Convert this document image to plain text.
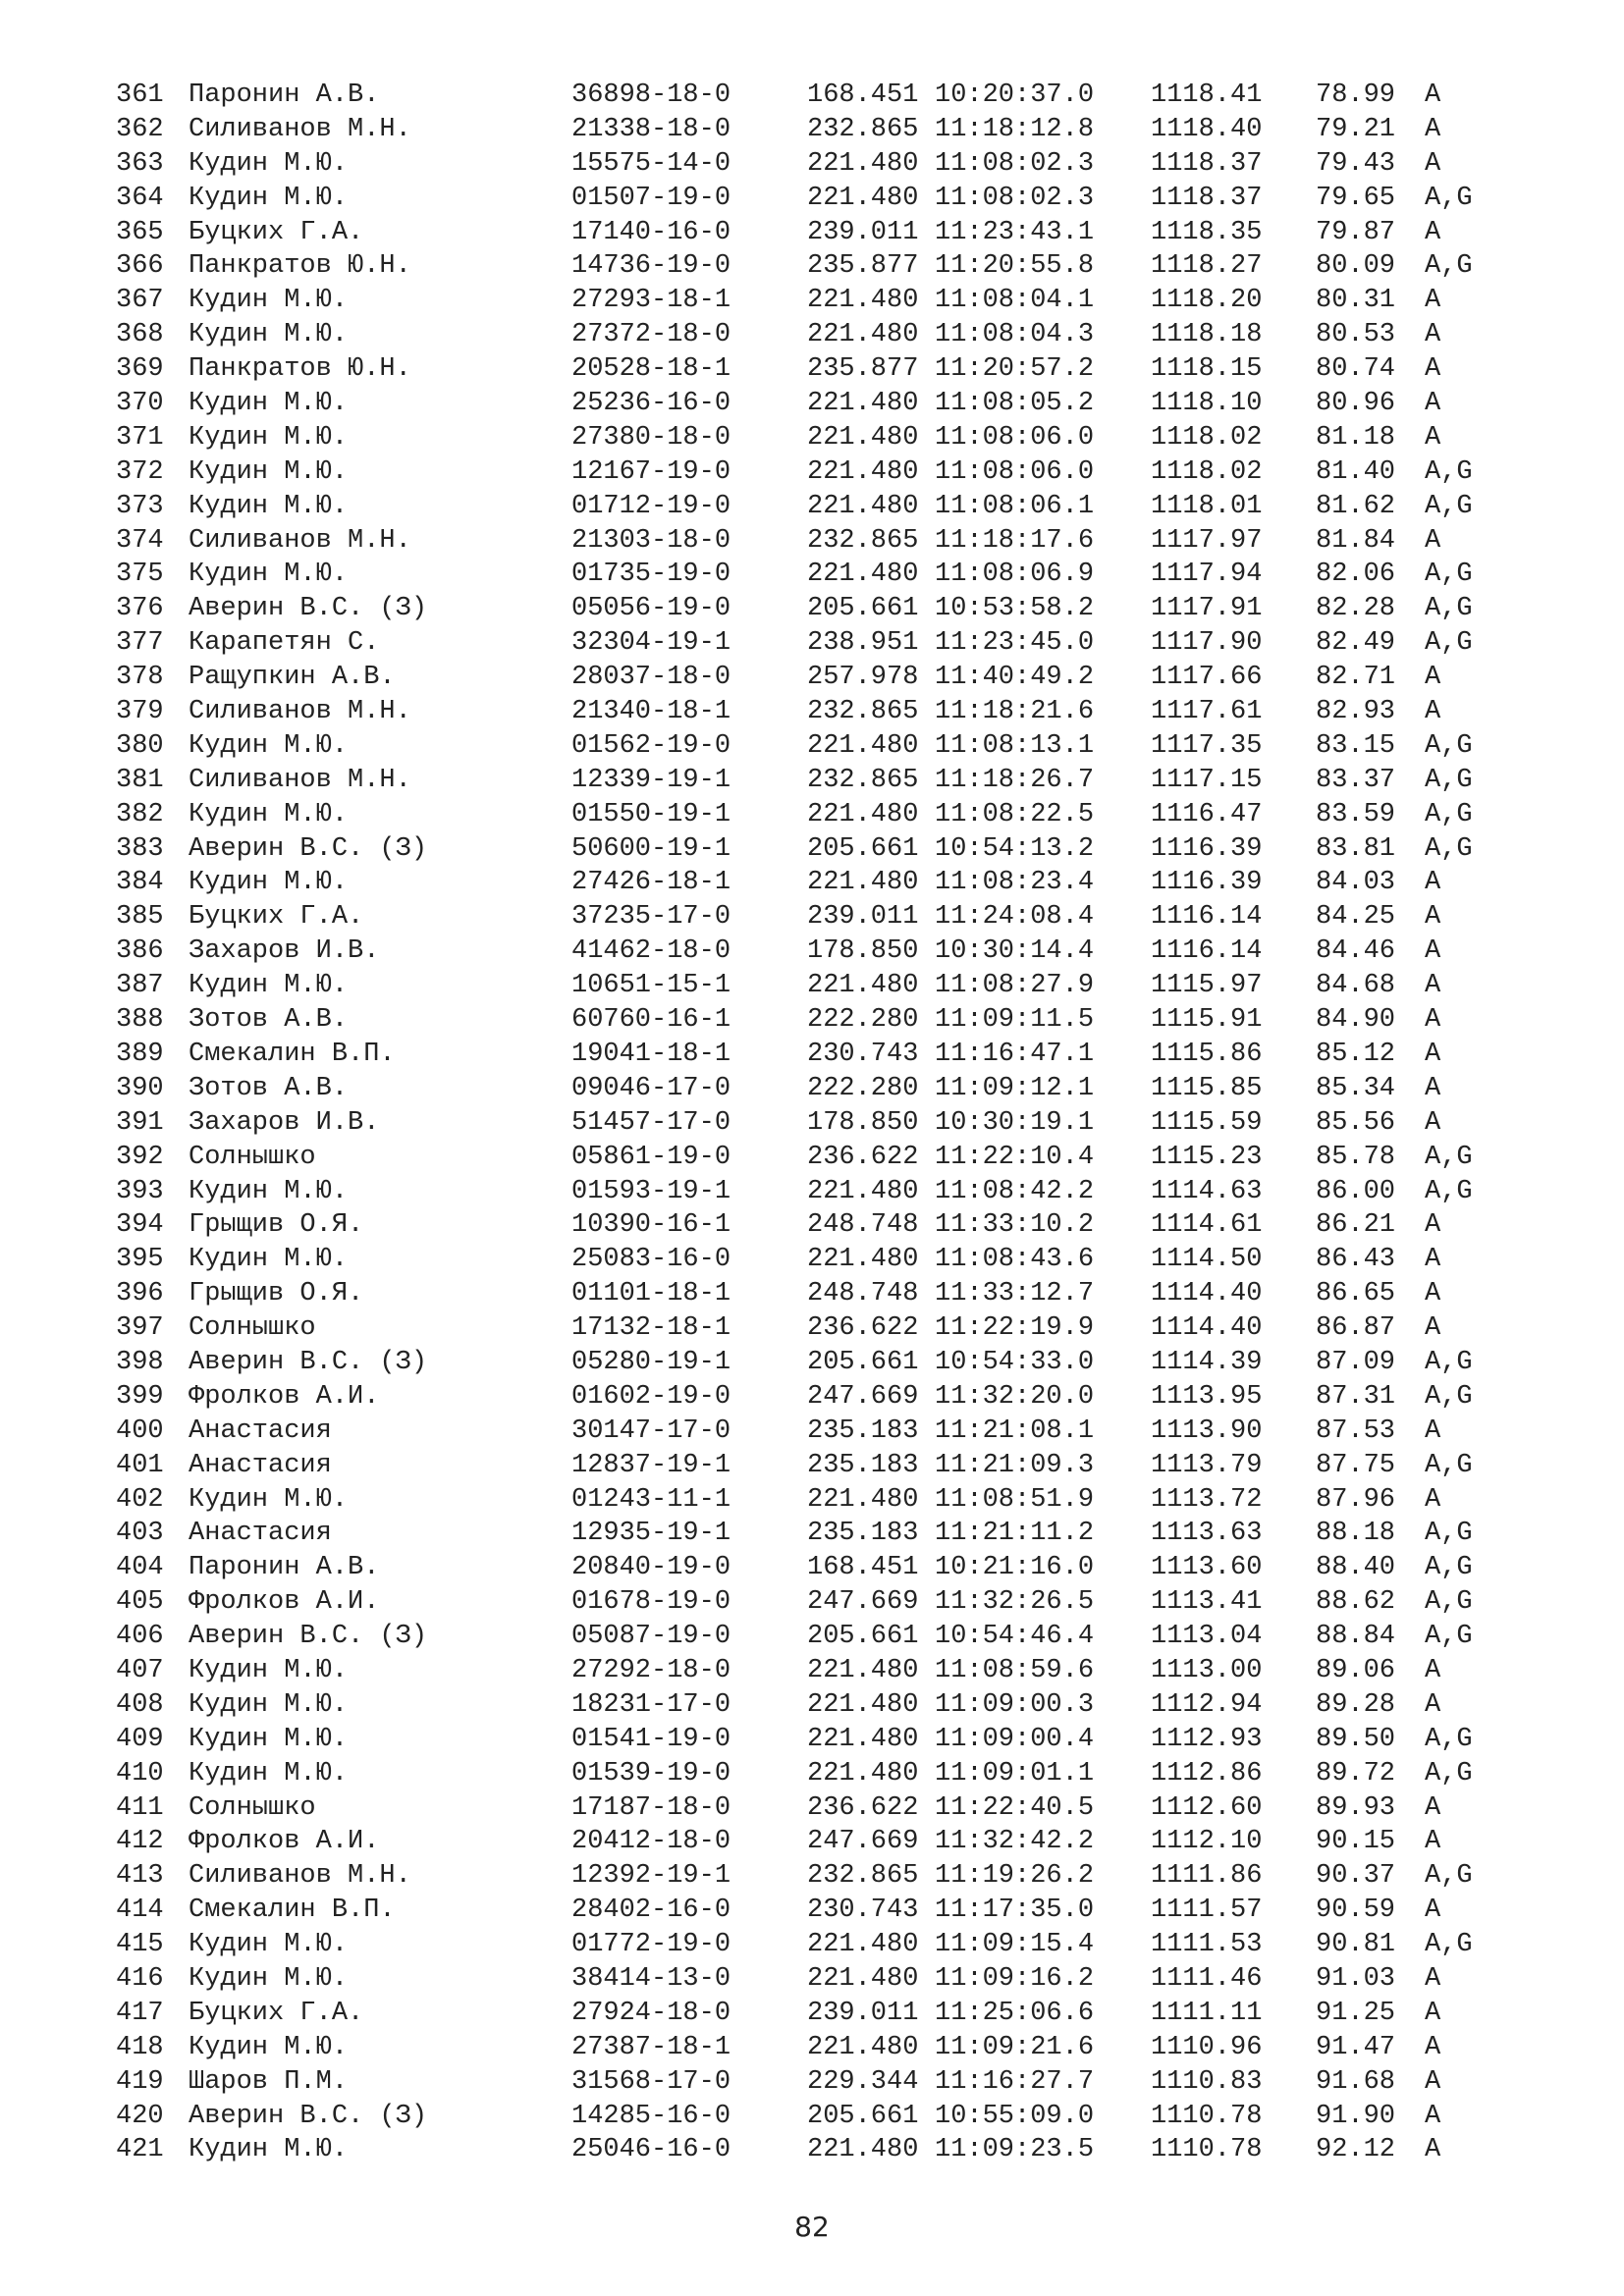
361 Паронин А.В.	36898-18-0	168.451 10:20:37.0 1118.41 78.99 A
362 Силиванов М.Н.	21338-18-0	232.865 11:18:12.8 1118.40 79.21 A
363 Кудин М.Ю.	15575-14-0	221.480 11:08:02.3 1118.37 79.43 A
364 Кудин М.Ю.	01507-19-0	221.480 11:08:02.3 1118.37 79.65 A,G
365 Буцких Г.А.	17140-16-0	239.011 11:23:43.1 1118.35 79.87 A
366 Панкратов Ю.Н.	14736-19-0	235.877 11:20:55.8 1118.27 80.09 A,G
367 Кудин М.Ю.	27293-18-1	221.480 11:08:04.1 1118.20 80.31 A
368 Кудин М.Ю.	27372-18-0	221.480 11:08:04.3 1118.18 80.53 A
369 Панкратов Ю.Н.	20528-18-1	235.877 11:20:57.2 1118.15 80.74 A
370 Кудин М.Ю.	25236-16-0	221.480 11:08:05.2 1118.10 80.96 A
371 Кудин М.Ю.	27380-18-0	221.480 11:08:06.0 1118.02 81.18 A
372 Кудин М.Ю.	12167-19-0	221.480 11:08:06.0 1118.02 81.40 A,G
373 Кудин М.Ю.	01712-19-0	221.480 11:08:06.1 1118.01 81.62 A,G
374 Силиванов М.Н.	21303-18-0	232.865 11:18:17.6 1117.97 81.84 A
375 Кудин М.Ю.	01735-19-0	221.480 11:08:06.9 1117.94 82.06 A,G
376 Аверин В.С. (З)	05056-19-0	205.661 10:53:58.2 1117.91 82.28 A,G
377 Карапетян С.	32304-19-1	238.951 11:23:45.0 1117.90 82.49 A,G
378 Ращупкин А.В.	28037-18-0	257.978 11:40:49.2 1117.66 82.71 A
379 Силиванов М.Н.	21340-18-1	232.865 11:18:21.6 1117.61 82.93 A
380 Кудин М.Ю.	01562-19-0	221.480 11:08:13.1 1117.35 83.15 A,G
381 Силиванов М.Н.	12339-19-1	232.865 11:18:26.7 1117.15 83.37 A,G
382 Кудин М.Ю.	01550-19-1	221.480 11:08:22.5 1116.47 83.59 A,G
383 Аверин В.С. (З)	50600-19-1	205.661 10:54:13.2 1116.39 83.81 A,G
384 Кудин М.Ю.	27426-18-1	221.480 11:08:23.4 1116.39 84.03 A
385 Буцких Г.А.	37235-17-0	239.011 11:24:08.4 1116.14 84.25 A
386 Захаров И.В.	41462-18-0	178.850 10:30:14.4 1116.14 84.46 A
387 Кудин М.Ю.	10651-15-1	221.480 11:08:27.9 1115.97 84.68 A
388 Зотов А.В.	60760-16-1	222.280 11:09:11.5 1115.91 84.90 A
389 Смекалин В.П.	19041-18-1	230.743 11:16:47.1 1115.86 85.12 A
390 Зотов А.В.	09046-17-0	222.280 11:09:12.1 1115.85 85.34 A
391 Захаров И.В.	51457-17-0	178.850 10:30:19.1 1115.59 85.56 A
392 Солнышко	05861-19-0	236.622 11:22:10.4 1115.23 85.78 A,G
393 Кудин М.Ю.	01593-19-1	221.480 11:08:42.2 1114.63 86.00 A,G
394 Грыщив О.Я.	10390-16-1	248.748 11:33:10.2 1114.61 86.21 A
395 Кудин М.Ю.	25083-16-0	221.480 11:08:43.6 1114.50 86.43 A
396 Грыщив О.Я.	01101-18-1	248.748 11:33:12.7 1114.40 86.65 A
397 Солнышко	17132-18-1	236.622 11:22:19.9 1114.40 86.87 A
398 Аверин В.С. (З)	05280-19-1	205.661 10:54:33.0 1114.39 87.09 A,G
399 Фролков А.И.	01602-19-0	247.669 11:32:20.0 1113.95 87.31 A,G
400 Анастасия	30147-17-0	235.183 11:21:08.1 1113.90 87.53 A
401 Анастасия	12837-19-1	235.183 11:21:09.3 1113.79 87.75 A,G
402 Кудин М.Ю.	01243-11-1	221.480 11:08:51.9 1113.72 87.96 A
403 Анастасия	12935-19-1	235.183 11:21:11.2 1113.63 88.18 A,G
404 Паронин А.В.	20840-19-0	168.451 10:21:16.0 1113.60 88.40 A,G
405 Фролков А.И.	01678-19-0	247.669 11:32:26.5 1113.41 88.62 A,G
406 Аверин В.С. (З)	05087-19-0	205.661 10:54:46.4 1113.04 88.84 A,G
407 Кудин М.Ю.	27292-18-0	221.480 11:08:59.6 1113.00 89.06 A
408 Кудин М.Ю.	18231-17-0	221.480 11:09:00.3 1112.94 89.28 A
409 Кудин М.Ю.	01541-19-0	221.480 11:09:00.4 1112.93 89.50 A,G
410 Кудин М.Ю.	01539-19-0	221.480 11:09:01.1 1112.86 89.72 A,G
411 Солнышко	17187-18-0	236.622 11:22:40.5 1112.60 89.93 A
412 Фролков А.И.	20412-18-0	247.669 11:32:42.2 1112.10 90.15 A
413 Силиванов М.Н.	12392-19-1	232.865 11:19:26.2 1111.86 90.37 A,G
414 Смекалин В.П.	28402-16-0	230.743 11:17:35.0 1111.57 90.59 A
415 Кудин М.Ю.	01772-19-0	221.480 11:09:15.4 1111.53 90.81 A,G
416 Кудин М.Ю.	38414-13-0	221.480 11:09:16.2 1111.46 91.03 A
417 Буцких Г.А.	27924-18-0	239.011 11:25:06.6 1111.11 91.25 A
418 Кудин М.Ю.	27387-18-1	221.480 11:09:21.6 1110.96 91.47 A
419 Шаров П.М.	31568-17-0	229.344 11:16:27.7 1110.83 91.68 A
420 Аверин В.С. (З)	14285-16-0	205.661 10:55:09.0 1110.78 91.90 A
421 Кудин М.Ю.	25046-16-0	221.480 11:09:23.5 1110.78 92.12 A
82
